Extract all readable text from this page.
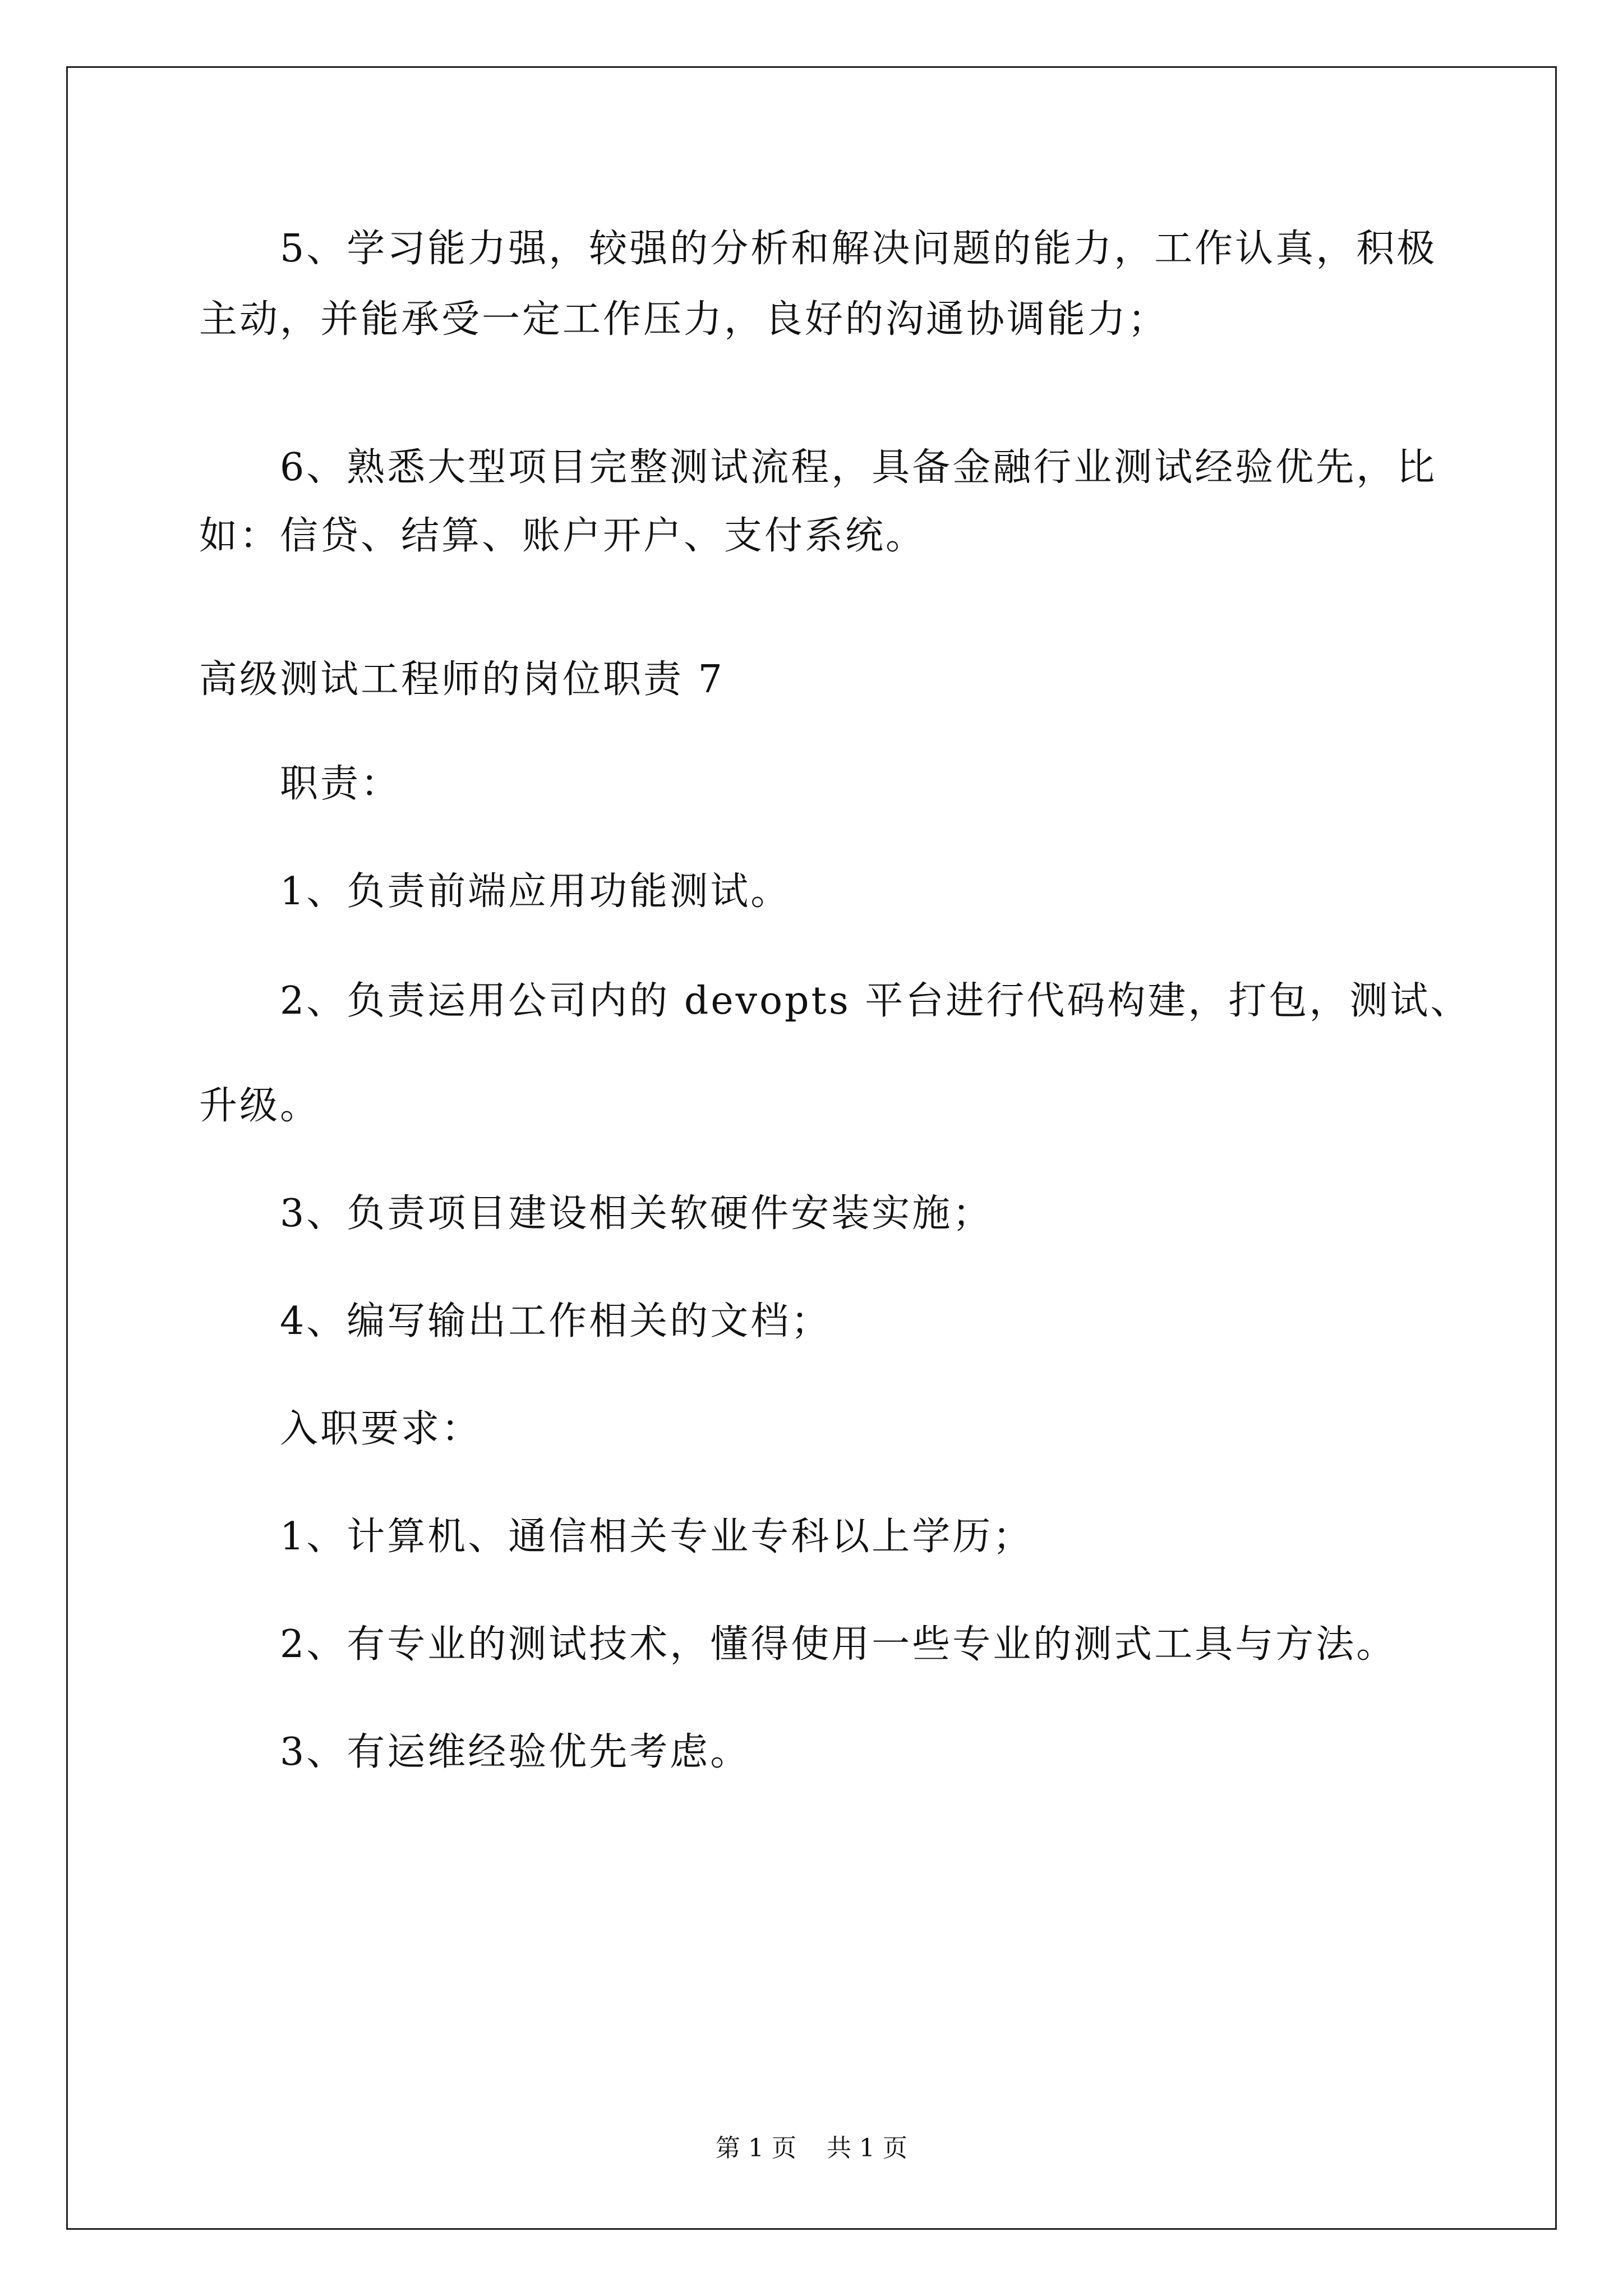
5、学习能力强，较强的分析和解决问题的能力，工作认真，积极
主动，并能承受一定工作压力，良好的沟通协调能力；
6、熟悉大型项目完整测试流程，具备金融行业测试经验优先，比
如：信贷、结算、账户开户、支付系统。
高级测试工程师的岗位职责 7
职责：
1、负责前端应用功能测试。
2、负责运用公司内的 devopts 平台进行代码构建，打包，测试、
升级。
3、负责项目建设相关软硬件安装实施；
4、编写输出工作相关的文档；
入职要求：
1、计算机、通信相关专业专科以上学历；
2、有专业的测试技术，懂得使用一些专业的测式工具与方法。
3、有运维经验优先考虑。
第 1 页 共 1 页
